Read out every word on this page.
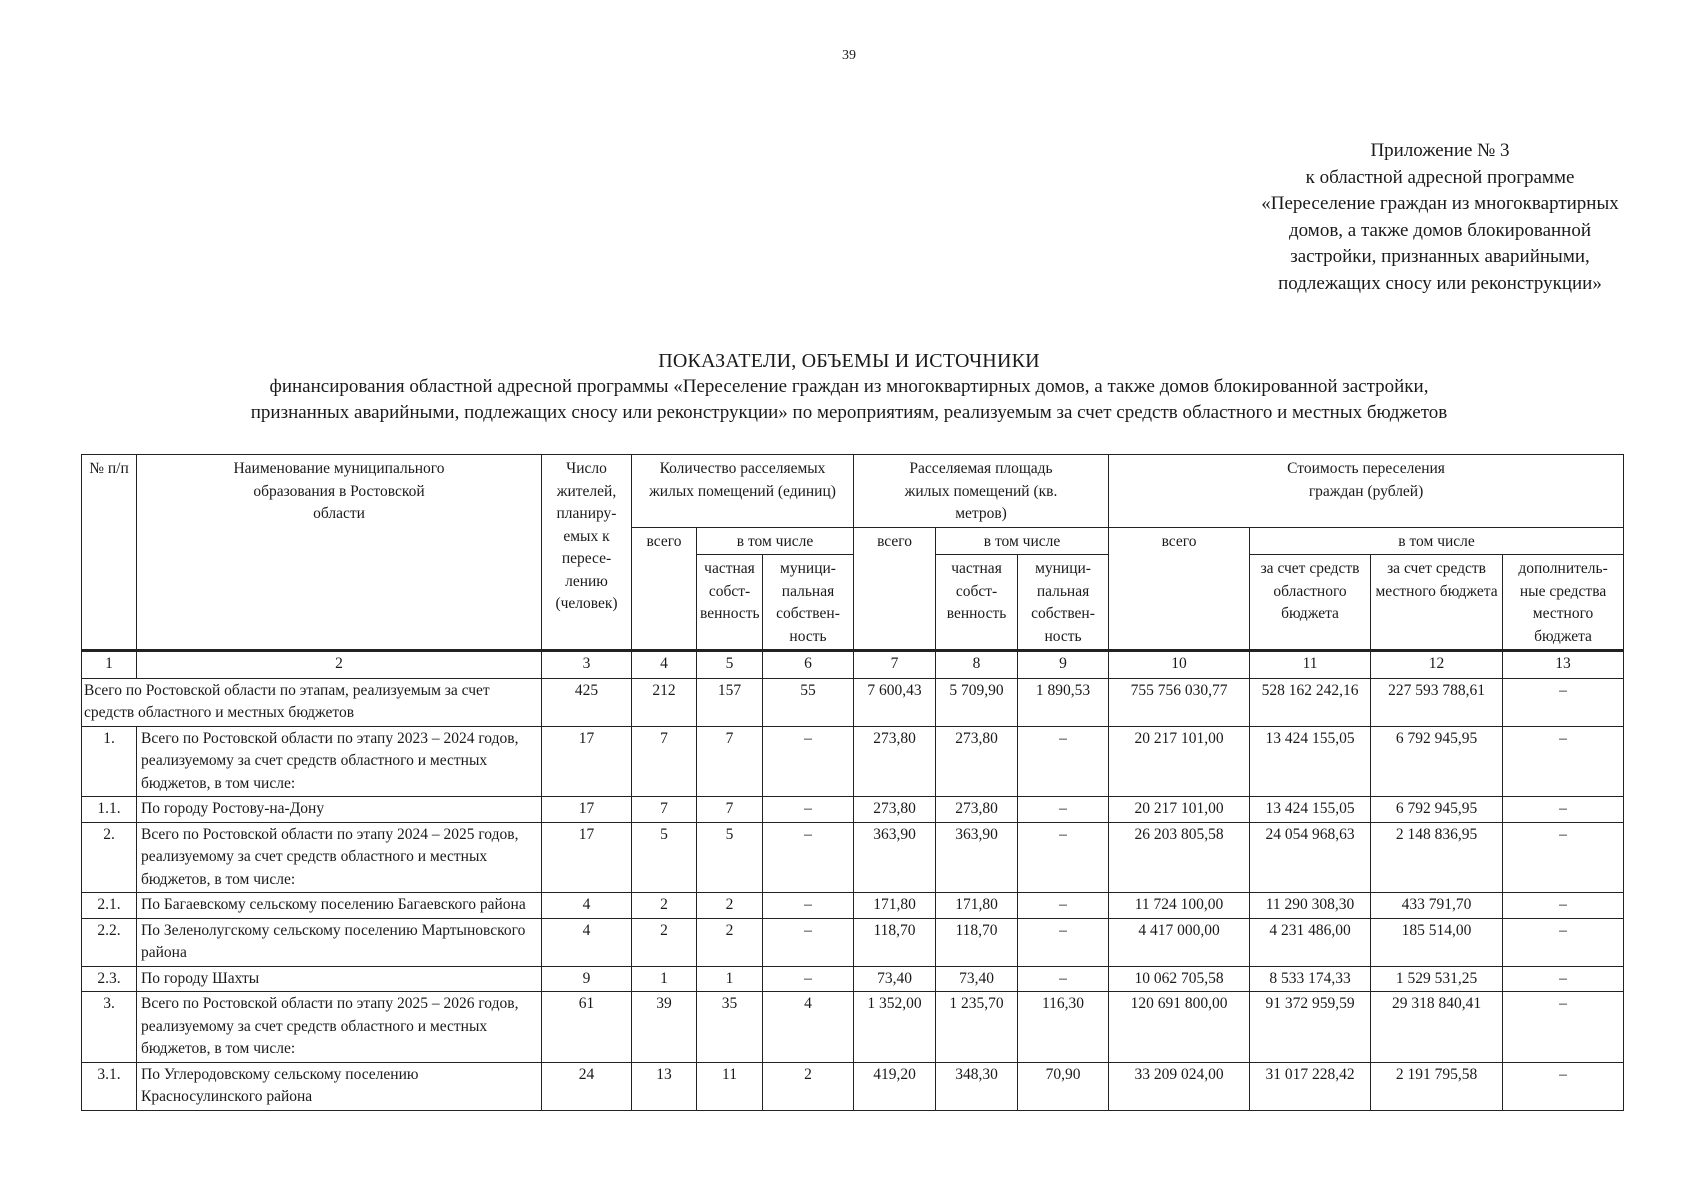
39
Приложение № 3
к областной адресной программе
«Переселение граждан из многоквартирных
домов, а также домов блокированной
застройки, признанных аварийными,
подлежащих сносу или реконструкции»
ПОКАЗАТЕЛИ, ОБЪЕМЫ И ИСТОЧНИКИ
финансирования областной адресной программы «Переселение граждан из многоквартирных домов, а также домов блокированной застройки,
признанных аварийными, подлежащих сносу или реконструкции» по мероприятиям, реализуемым за счет средств областного и местных бюджетов
№ п/п	Наименование муниципального образования в Ростовской области	Число жителей, планиру- емых к пересе- лению (человек)	Количество расселяемых жилых помещений (единиц)			Расселяемая площадь жилых помещений (кв. метров)			Стоимость переселения граждан (рублей)			
			всего	в том числе		всего	в том числе		всего	в том числе		
				частная собст- венность	муници- пальная собствен- ность		частная собст- венность	муници- пальная собствен- ность		за счет средств областного бюджета	за счет средств местного бюджета	дополнитель- ные средства местного бюджета
1	2	3	4	5	6	7	8	9	10	11	12	13

Всего по Ростовской области по этапам, реализуемым за счет средств областного и местных бюджетов		425	212	157	55	7 600,43	5 709,90	1 890,53	755 756 030,77	528 162 242,16	227 593 788,61	–
1.	Всего по Ростовской области по этапу 2023 – 2024 годов, реализуемому за счет средств областного и местных бюджетов, в том числе:	17	7	7	–	273,80	273,80	–	20 217 101,00	13 424 155,05	6 792 945,95	–
1.1.	По городу Ростову-на-Дону	17	7	7	–	273,80	273,80	–	20 217 101,00	13 424 155,05	6 792 945,95	–
2.	Всего по Ростовской области по этапу 2024 – 2025 годов, реализуемому за счет средств областного и местных бюджетов, в том числе:	17	5	5	–	363,90	363,90	–	26 203 805,58	24 054 968,63	2 148 836,95	–
2.1.	По Багаевскому сельскому поселению Багаевского района	4	2	2	–	171,80	171,80	–	11 724 100,00	11 290 308,30	433 791,70	–
2.2.	По Зеленолугскому сельскому поселению Мартыновского района	4	2	2	–	118,70	118,70	–	4 417 000,00	4 231 486,00	185 514,00	–
2.3.	По городу Шахты	9	1	1	–	73,40	73,40	–	10 062 705,58	8 533 174,33	1 529 531,25	–
3.	Всего по Ростовской области по этапу 2025 – 2026 годов, реализуемому за счет средств областного и местных бюджетов, в том числе:	61	39	35	4	1 352,00	1 235,70	116,30	120 691 800,00	91 372 959,59	29 318 840,41	–
3.1.	По Углеродовскому сельскому поселению Красносулинского района	24	13	11	2	419,20	348,30	70,90	33 209 024,00	31 017 228,42	2 191 795,58	–
